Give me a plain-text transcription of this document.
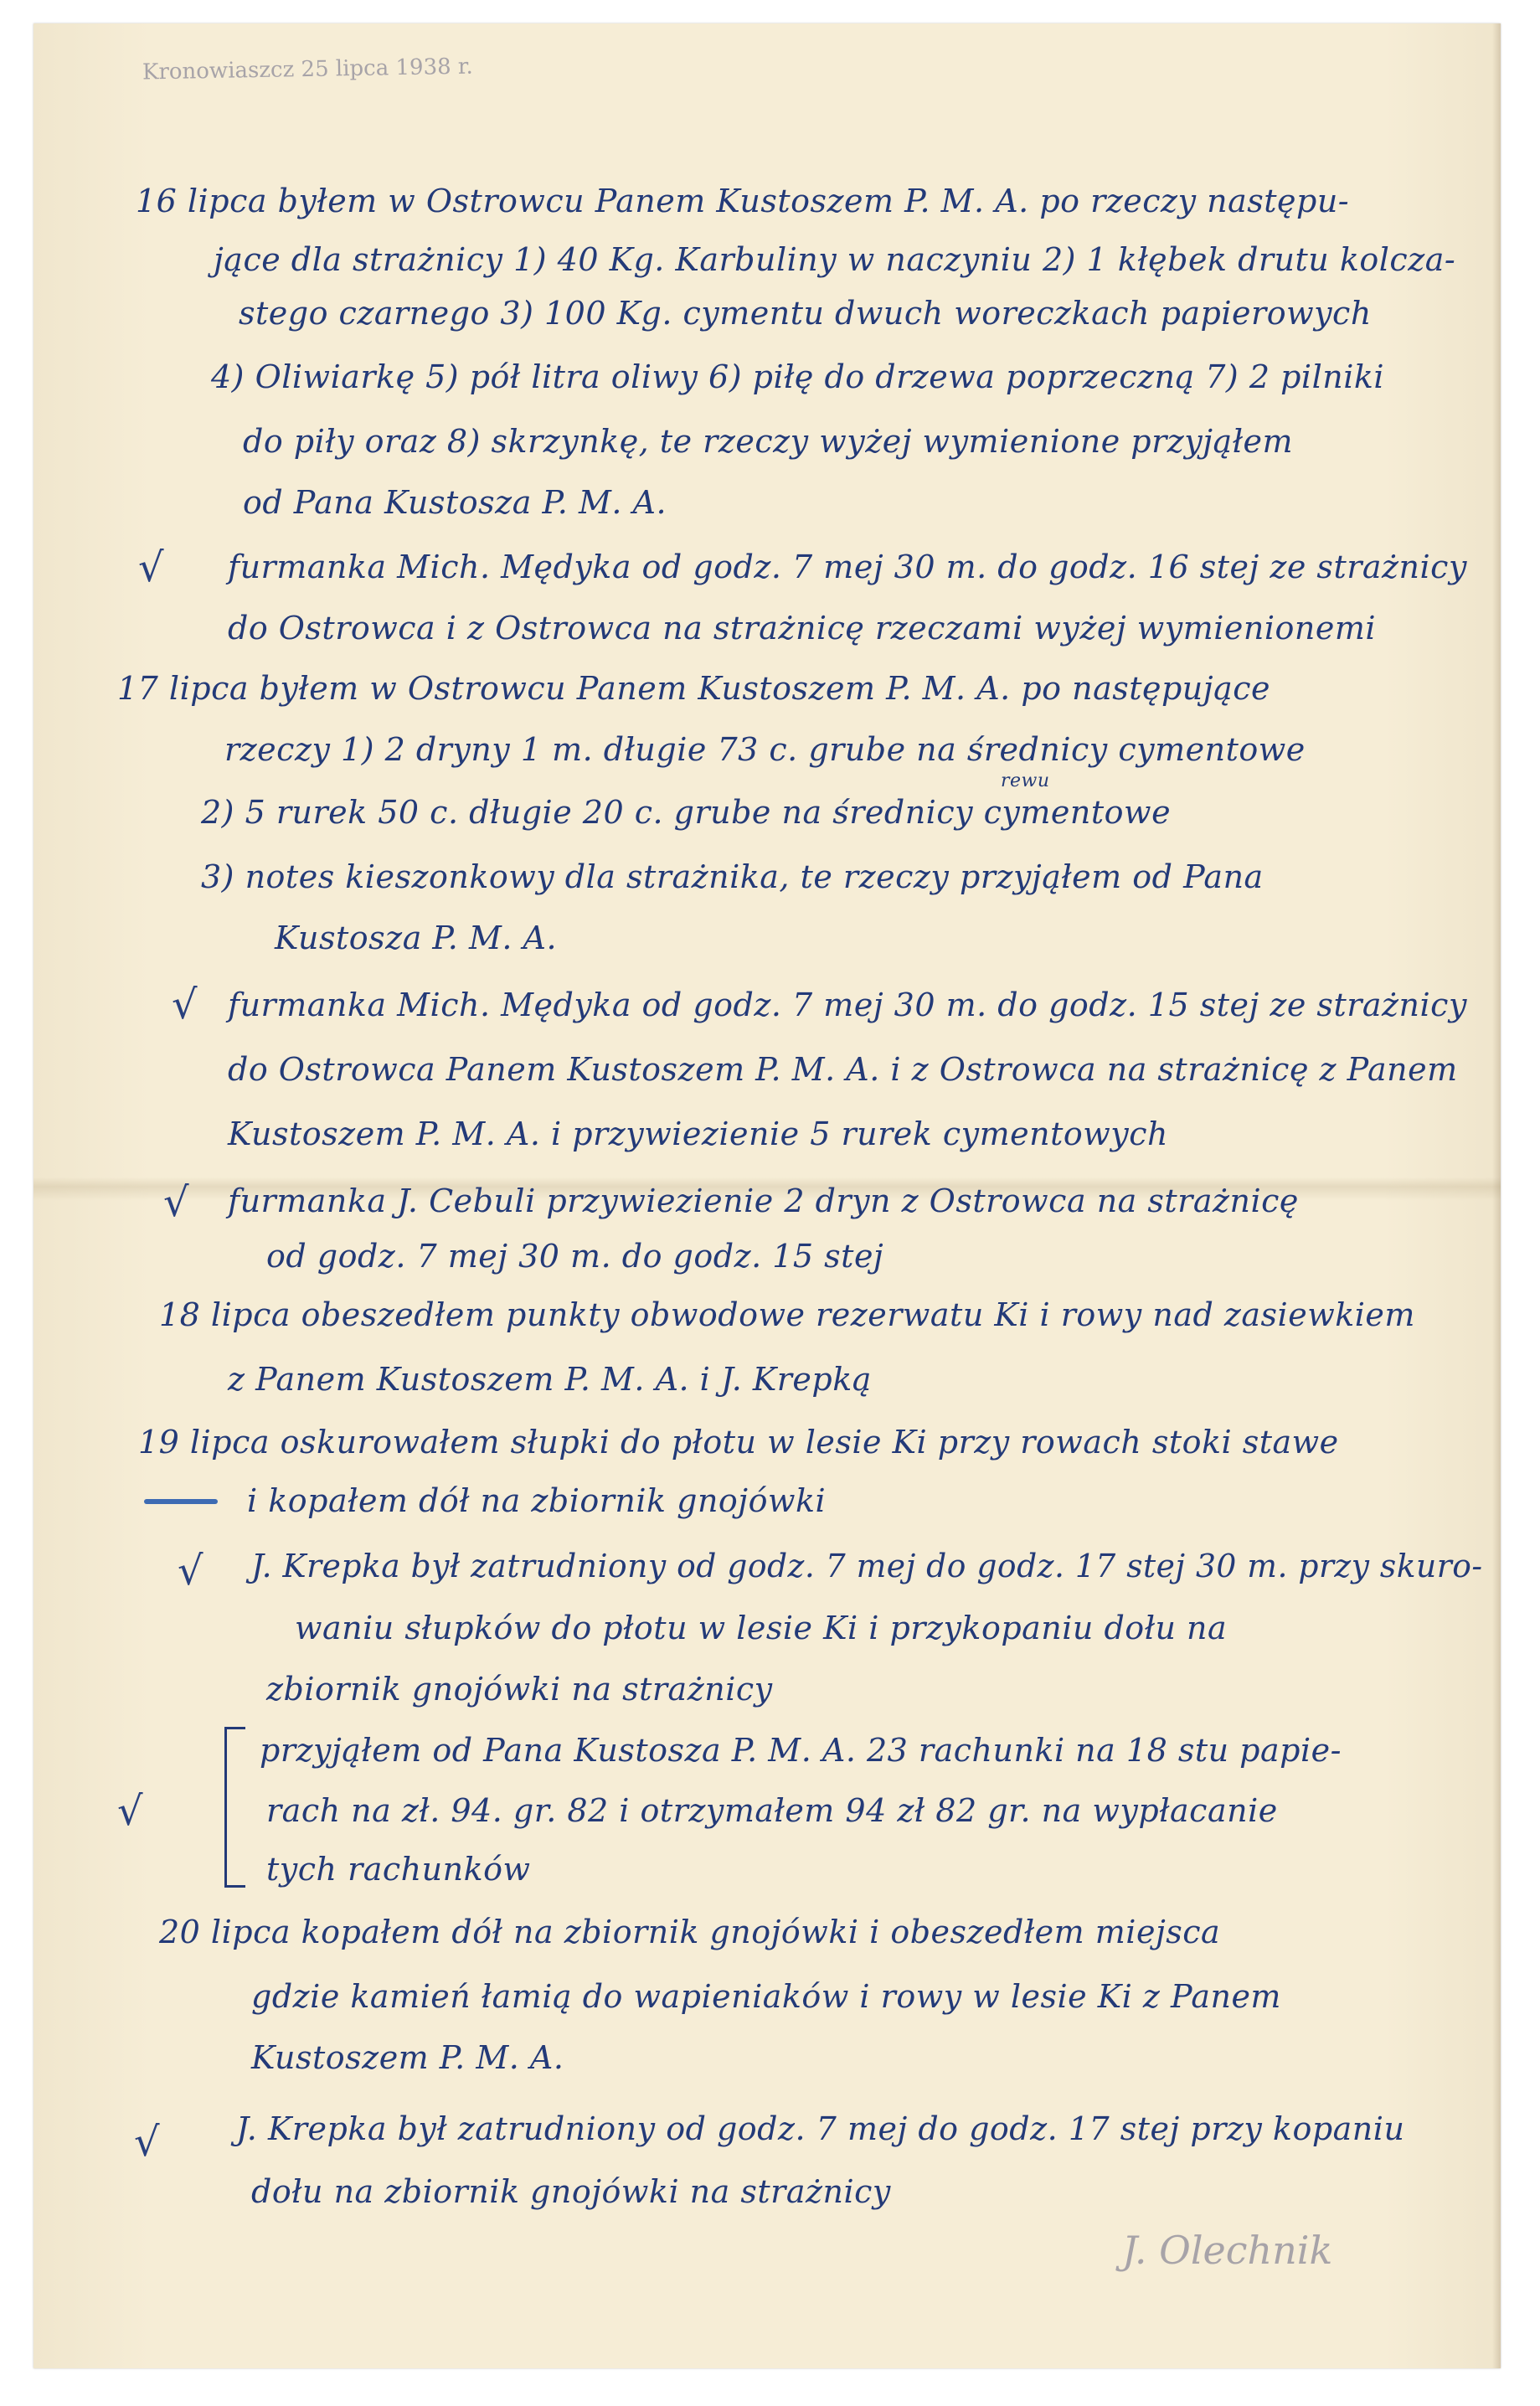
Kronowiaszcz 25 lipca 1938 r.
16 lipca byłem w Ostrowcu Panem Kustoszem P. M. A. po rzeczy następu-
jące dla strażnicy 1) 40 Kg. Karbuliny w naczyniu 2) 1 kłębek drutu kolcza-
stego czarnego 3) 100 Kg. cymentu dwuch woreczkach papierowych
4) Oliwiarkę 5) pół litra oliwy 6) piłę do drzewa poprzeczną 7) 2 pilniki
do piły oraz 8) skrzynkę, te rzeczy wyżej wymienione przyjąłem
od Pana Kustosza P. M. A.
√ furmanka Mich. Mędyka od godz. 7 mej 30 m. do godz. 16 stej ze strażnicy
do Ostrowca i z Ostrowca na strażnicę rzeczami wyżej wymienionemi
17 lipca byłem w Ostrowcu Panem Kustoszem P. M. A. po następujące
rzeczy 1) 2 dryny 1 m. długie 73 c. grube na średnicy cymentowe
rewu
2) 5 rurek 50 c. długie 20 c. grube na średnicy cymentowe
3) notes kieszonkowy dla strażnika, te rzeczy przyjąłem od Pana
Kustosza P. M. A.
√ furmanka Mich. Mędyka od godz. 7 mej 30 m. do godz. 15 stej ze strażnicy
do Ostrowca Panem Kustoszem P. M. A. i z Ostrowca na strażnicę z Panem
Kustoszem P. M. A. i przywiezienie 5 rurek cymentowych
√ furmanka J. Cebuli przywiezienie 2 dryn z Ostrowca na strażnicę
od godz. 7 mej 30 m. do godz. 15 stej
18 lipca obeszedłem punkty obwodowe rezerwatu Ki i rowy nad zasiewkiem
z Panem Kustoszem P. M. A. i J. Krepką
19 lipca oskurowałem słupki do płotu w lesie Ki przy rowach stoki stawe
i kopałem dół na zbiornik gnojówki
√ J. Krepka był zatrudniony od godz. 7 mej do godz. 17 stej 30 m. przy skuro-
waniu słupków do płotu w lesie Ki i przykopaniu dołu na
zbiornik gnojówki na strażnicy
√
przyjąłem od Pana Kustosza P. M. A. 23 rachunki na 18 stu papie-
rach na zł. 94. gr. 82 i otrzymałem 94 zł 82 gr. na wypłacanie
tych rachunków
20 lipca kopałem dół na zbiornik gnojówki i obeszedłem miejsca
gdzie kamień łamią do wapieniaków i rowy w lesie Ki z Panem
Kustoszem P. M. A.
√ J. Krepka był zatrudniony od godz. 7 mej do godz. 17 stej przy kopaniu
dołu na zbiornik gnojówki na strażnicy
J. Olechnik
